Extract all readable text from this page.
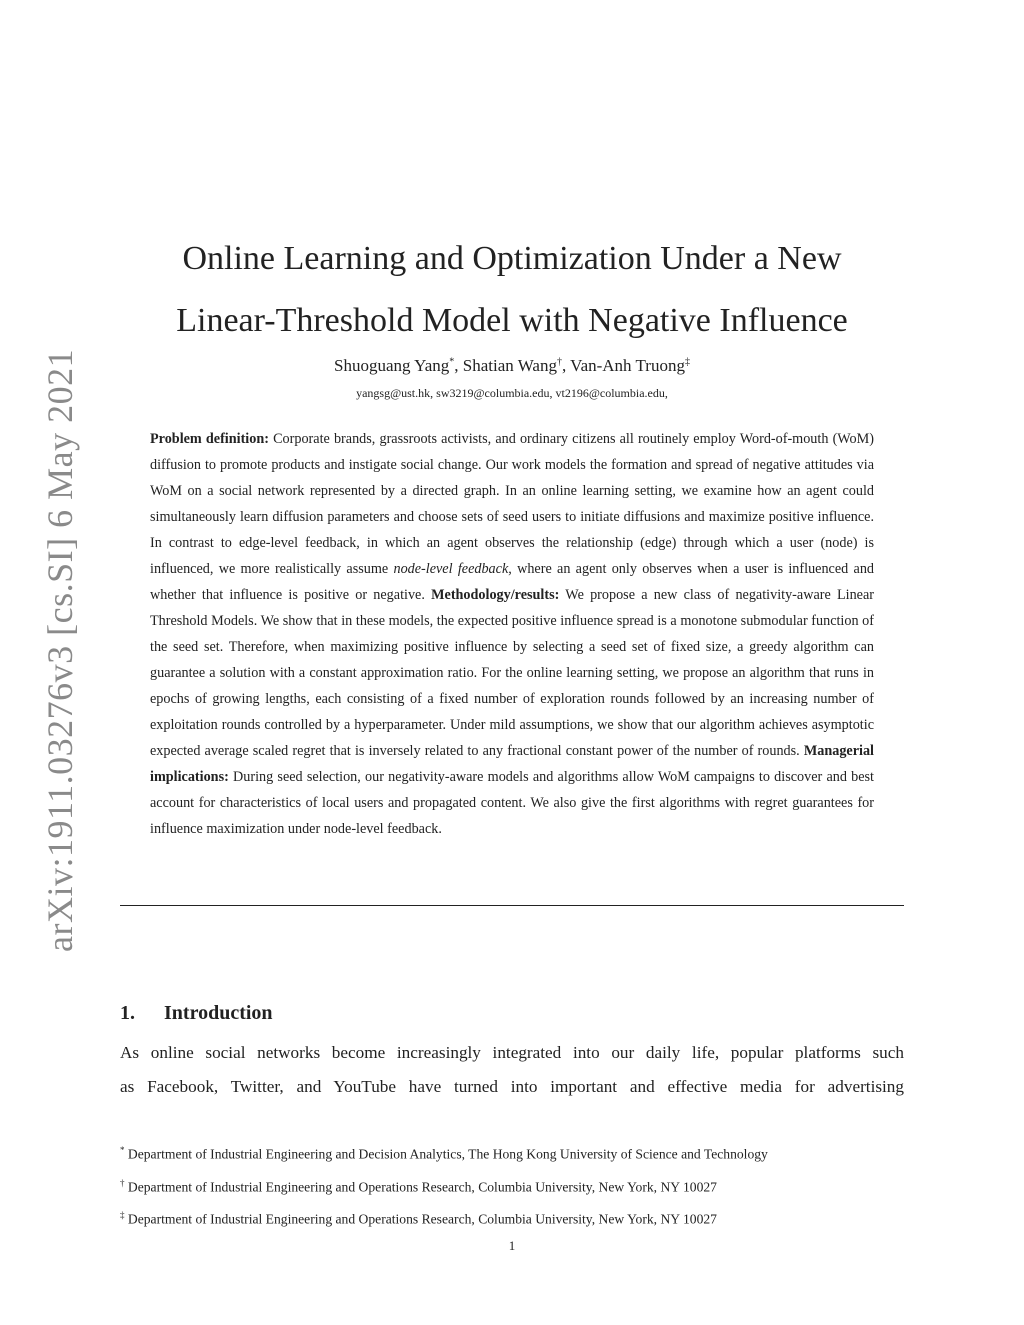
arXiv:1911.03276v3 [cs.SI] 6 May 2021
Online Learning and Optimization Under a New
Linear-Threshold Model with Negative Influence
Shuoguang Yang*, Shatian Wang†, Van-Anh Truong‡
yangsg@ust.hk, sw3219@columbia.edu, vt2196@columbia.edu,
Problem definition: Corporate brands, grassroots activists, and ordinary citizens all routinely employ Word-of-mouth (WoM) diffusion to promote products and instigate social change. Our work models the formation and spread of negative attitudes via WoM on a social network represented by a directed graph. In an online learning setting, we examine how an agent could simultaneously learn diffusion parameters and choose sets of seed users to initiate diffusions and maximize positive influence. In contrast to edge-level feedback, in which an agent observes the relationship (edge) through which a user (node) is influenced, we more realistically assume node-level feedback, where an agent only observes when a user is influenced and whether that influence is positive or negative. Methodology/results: We propose a new class of negativity-aware Linear Threshold Models. We show that in these models, the expected positive influence spread is a monotone submodular function of the seed set. Therefore, when maximizing positive influence by selecting a seed set of fixed size, a greedy algorithm can guarantee a solution with a constant approximation ratio. For the online learning setting, we propose an algorithm that runs in epochs of growing lengths, each consisting of a fixed number of exploration rounds followed by an increasing number of exploitation rounds controlled by a hyperparameter. Under mild assumptions, we show that our algorithm achieves asymptotic expected average scaled regret that is inversely related to any fractional constant power of the number of rounds. Managerial implications: During seed selection, our negativity-aware models and algorithms allow WoM campaigns to discover and best account for characteristics of local users and propagated content. We also give the first algorithms with regret guarantees for influence maximization under node-level feedback.
1. Introduction
As online social networks become increasingly integrated into our daily life, popular platforms such
as Facebook, Twitter, and YouTube have turned into important and effective media for advertising
* Department of Industrial Engineering and Decision Analytics, The Hong Kong University of Science and Technology
† Department of Industrial Engineering and Operations Research, Columbia University, New York, NY 10027
‡ Department of Industrial Engineering and Operations Research, Columbia University, New York, NY 10027
1
